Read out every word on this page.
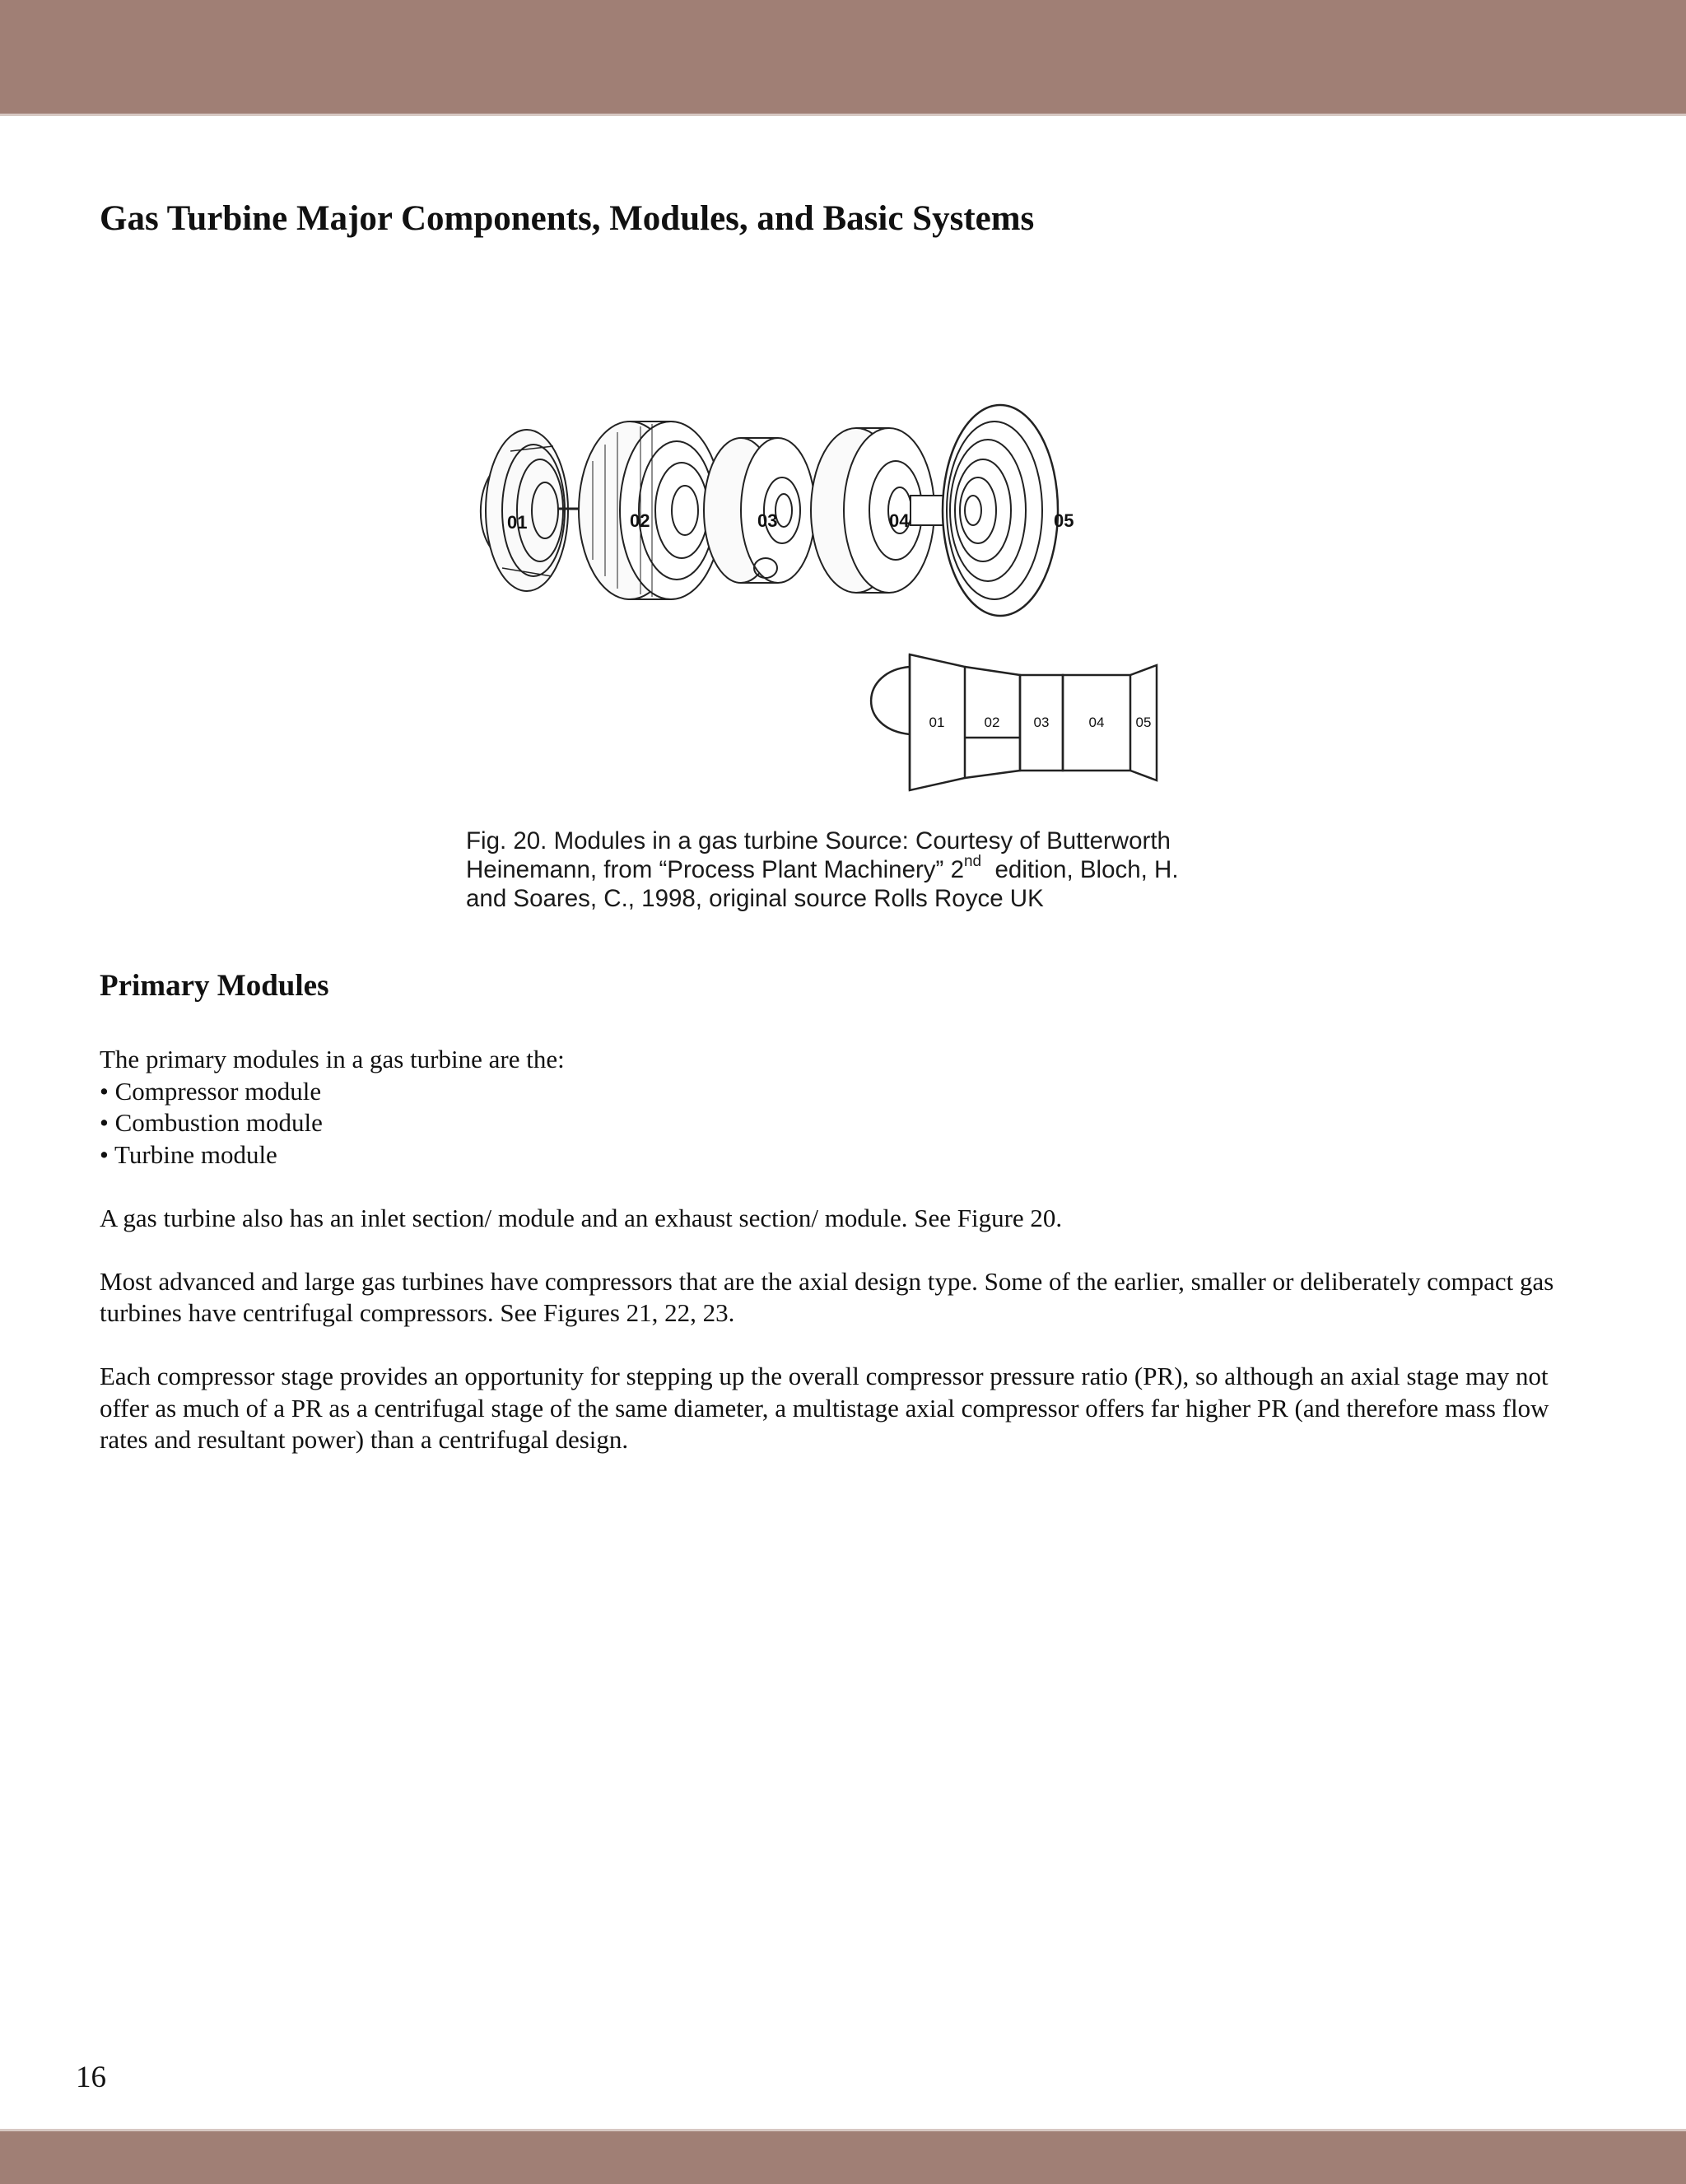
Gas Turbine Major Components, Modules, and Basic Systems
01	02	03	04	05
01	02 03	04 05
Fig. 20. Modules in a gas turbine Source: Courtesy of Butterworth
Heinemann, from “Process Plant Machinery” 2nd  edition, Bloch, H.
and Soares, C., 1998, original source Rolls Royce UK
Primary Modules
The primary modules in a gas turbine are the:
• Compressor module
• Combustion module
• Turbine module

A gas turbine also has an inlet section/ module and an exhaust section/ module. See Figure 20.

Most advanced and large gas turbines have compressors that are the axial design type. Some of the earlier, smaller or deliberately compact gas turbines have centrifugal compressors. See Figures 21, 22, 23.

Each compressor stage provides an opportunity for stepping up the overall compressor pressure ratio (PR), so although an axial stage may not offer as much of a PR as a centrifugal stage of the same diameter, a multistage axial compressor offers far higher PR (and therefore mass flow rates and resultant power) than a centrifugal design.

16
